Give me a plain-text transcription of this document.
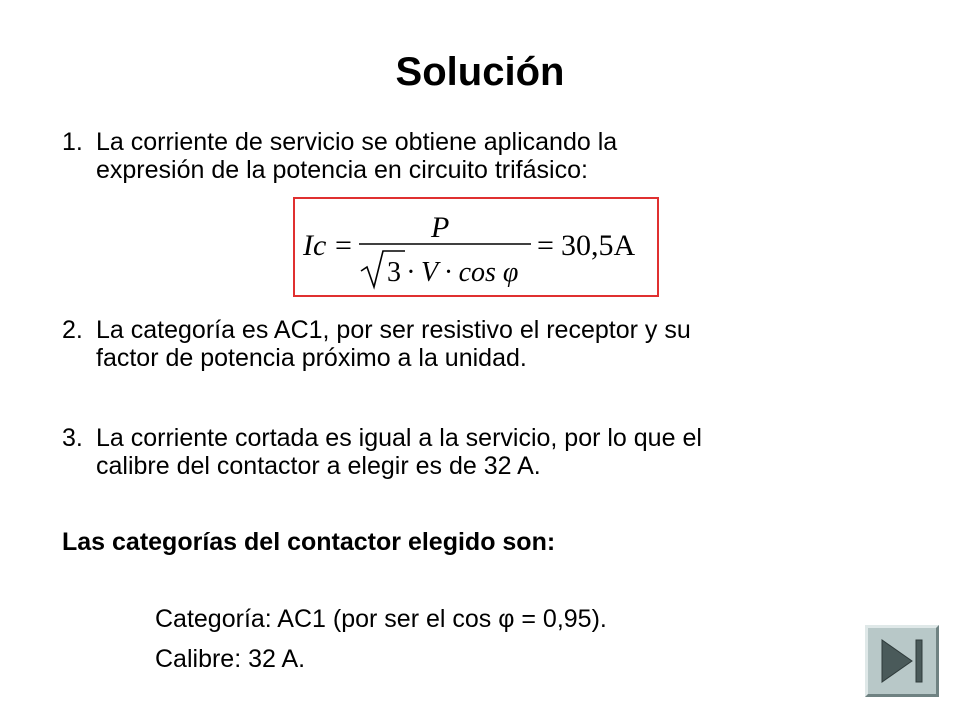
Solución
1. La corriente de servicio se obtiene aplicando la
expresión de la potencia en circuito trifásico:
Ic =
P
3 · V · cos φ
= 30,5A
2. La categoría es AC1, por ser resistivo el receptor y su
factor de potencia próximo a la unidad.
3. La corriente cortada es igual a la servicio, por lo que el
calibre del contactor a elegir es de 32 A.
Las categorías del contactor elegido son:
Categoría: AC1 (por ser el cos φ = 0,95).
Calibre: 32 A.
